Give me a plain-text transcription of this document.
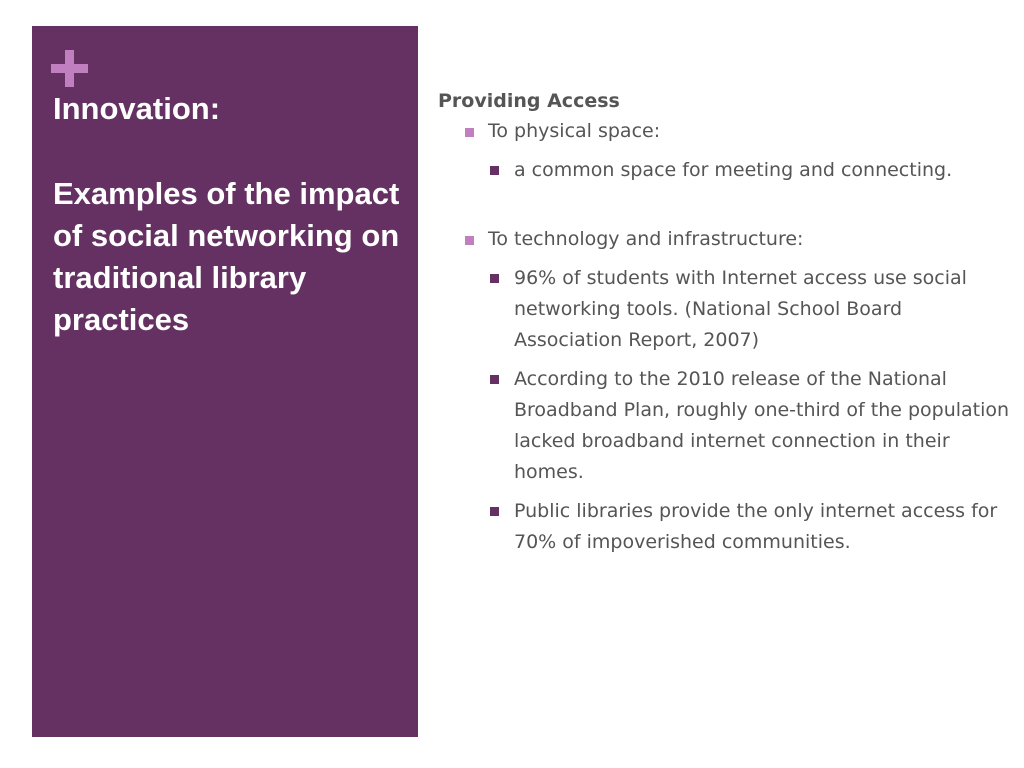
Innovation:
Examples of the impact of social networking on traditional library practices
Providing Access
To physical space:
a common space for meeting and connecting.
To technology and infrastructure:
96% of students with Internet access use social networking tools. (National School Board Association Report, 2007)
According to the 2010 release of the National Broadband Plan, roughly one-third of the population lacked broadband internet connection in their homes.
Public libraries provide the only internet access for 70% of impoverished communities.
